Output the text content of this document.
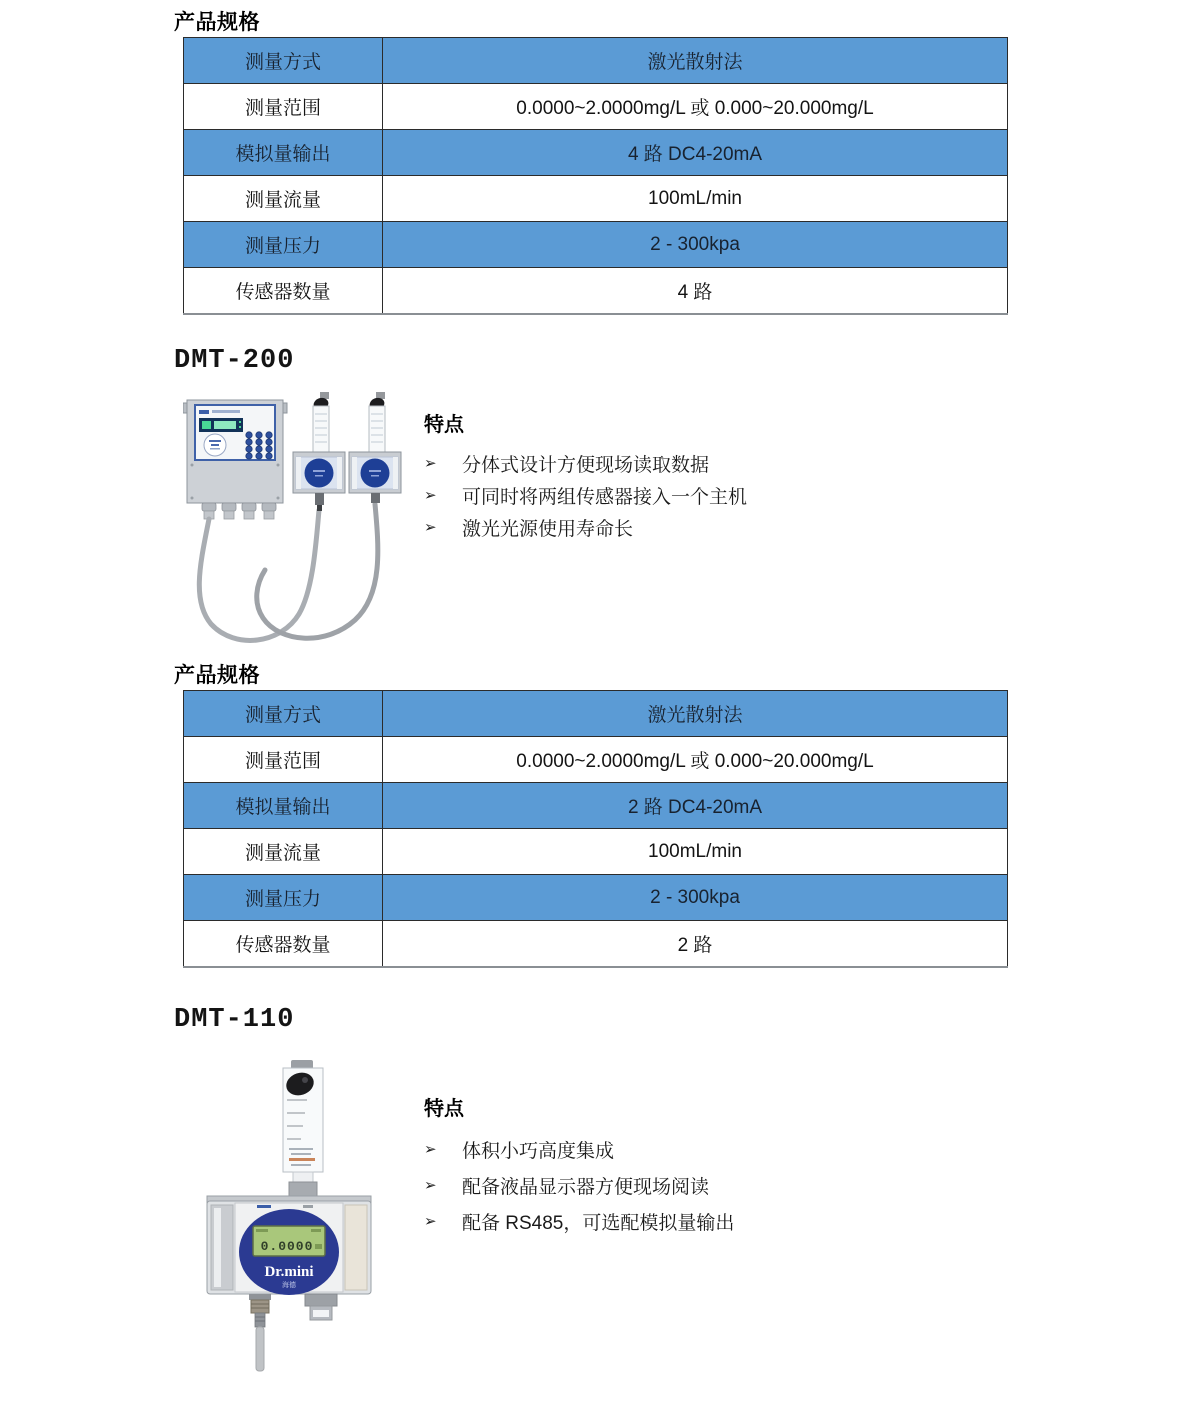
产品规格
测量方式	激光散射法
测量范围	0.0000~2.0000mg/L 或 0.000~20.000mg/L
模拟量输出	4 路 DC4-20mA
测量流量	100mL/min
测量压力	2 - 300kpa
传感器数量	4 路
DMT-200
特点
➢	分体式设计方便现场读取数据
➢	可同时将两组传感器接入一个主机
➢	激光光源使用寿命长
产品规格
测量方式	激光散射法
测量范围	0.0000~2.0000mg/L 或 0.000~20.000mg/L
模拟量输出	2 路 DC4-20mA
测量流量	100mL/min
测量压力	2 - 300kpa
传感器数量	2 路
DMT-110
0.0000
Dr.mini
海德
特点
➢	体积小巧高度集成
➢	配备液晶显示器方便现场阅读
➢	配备 RS485，可选配模拟量输出
